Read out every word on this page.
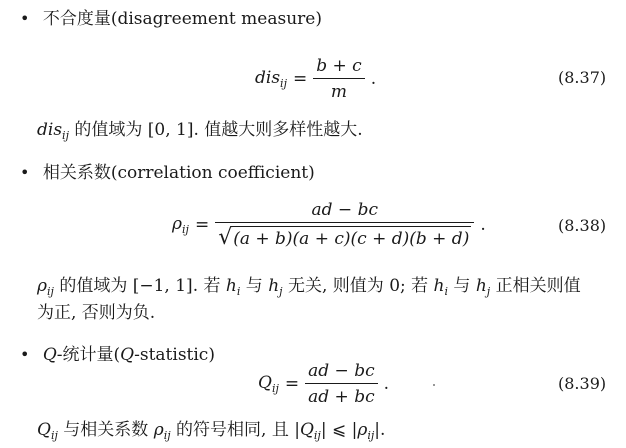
• 不合度量(disagreement measure)
$dis_{ij} = \frac{b + c}{m}$ .	(8.37)
dis$_{ij}$ 的值域为 [0, 1]. 值越大则多样性越大.
• 相关系数(correlation coefficient)
$\rho_{ij} = \frac{ad - bc}{√ (a + b)(a + c)(c + d)(b + d)}$ .	(8.38)
$\rho_{ij}$ 的值域为 [−1, 1]. 若 $h_i$ 与 $h_j$ 无关, 则值为 0; 若 $h_i$ 与 $h_j$ 正相关则值
为正, 否则为负.
• Q-统计量(Q-statistic)
$Q_{ij} = \frac{ad - bc}{ad + bc}$ .	(8.39)
$Q_{ij}$ 与相关系数 $\rho_{ij}$ 的符号相同, 且 $|Q_{ij}|$ ⩽ $|\rho_{ij}|$.
